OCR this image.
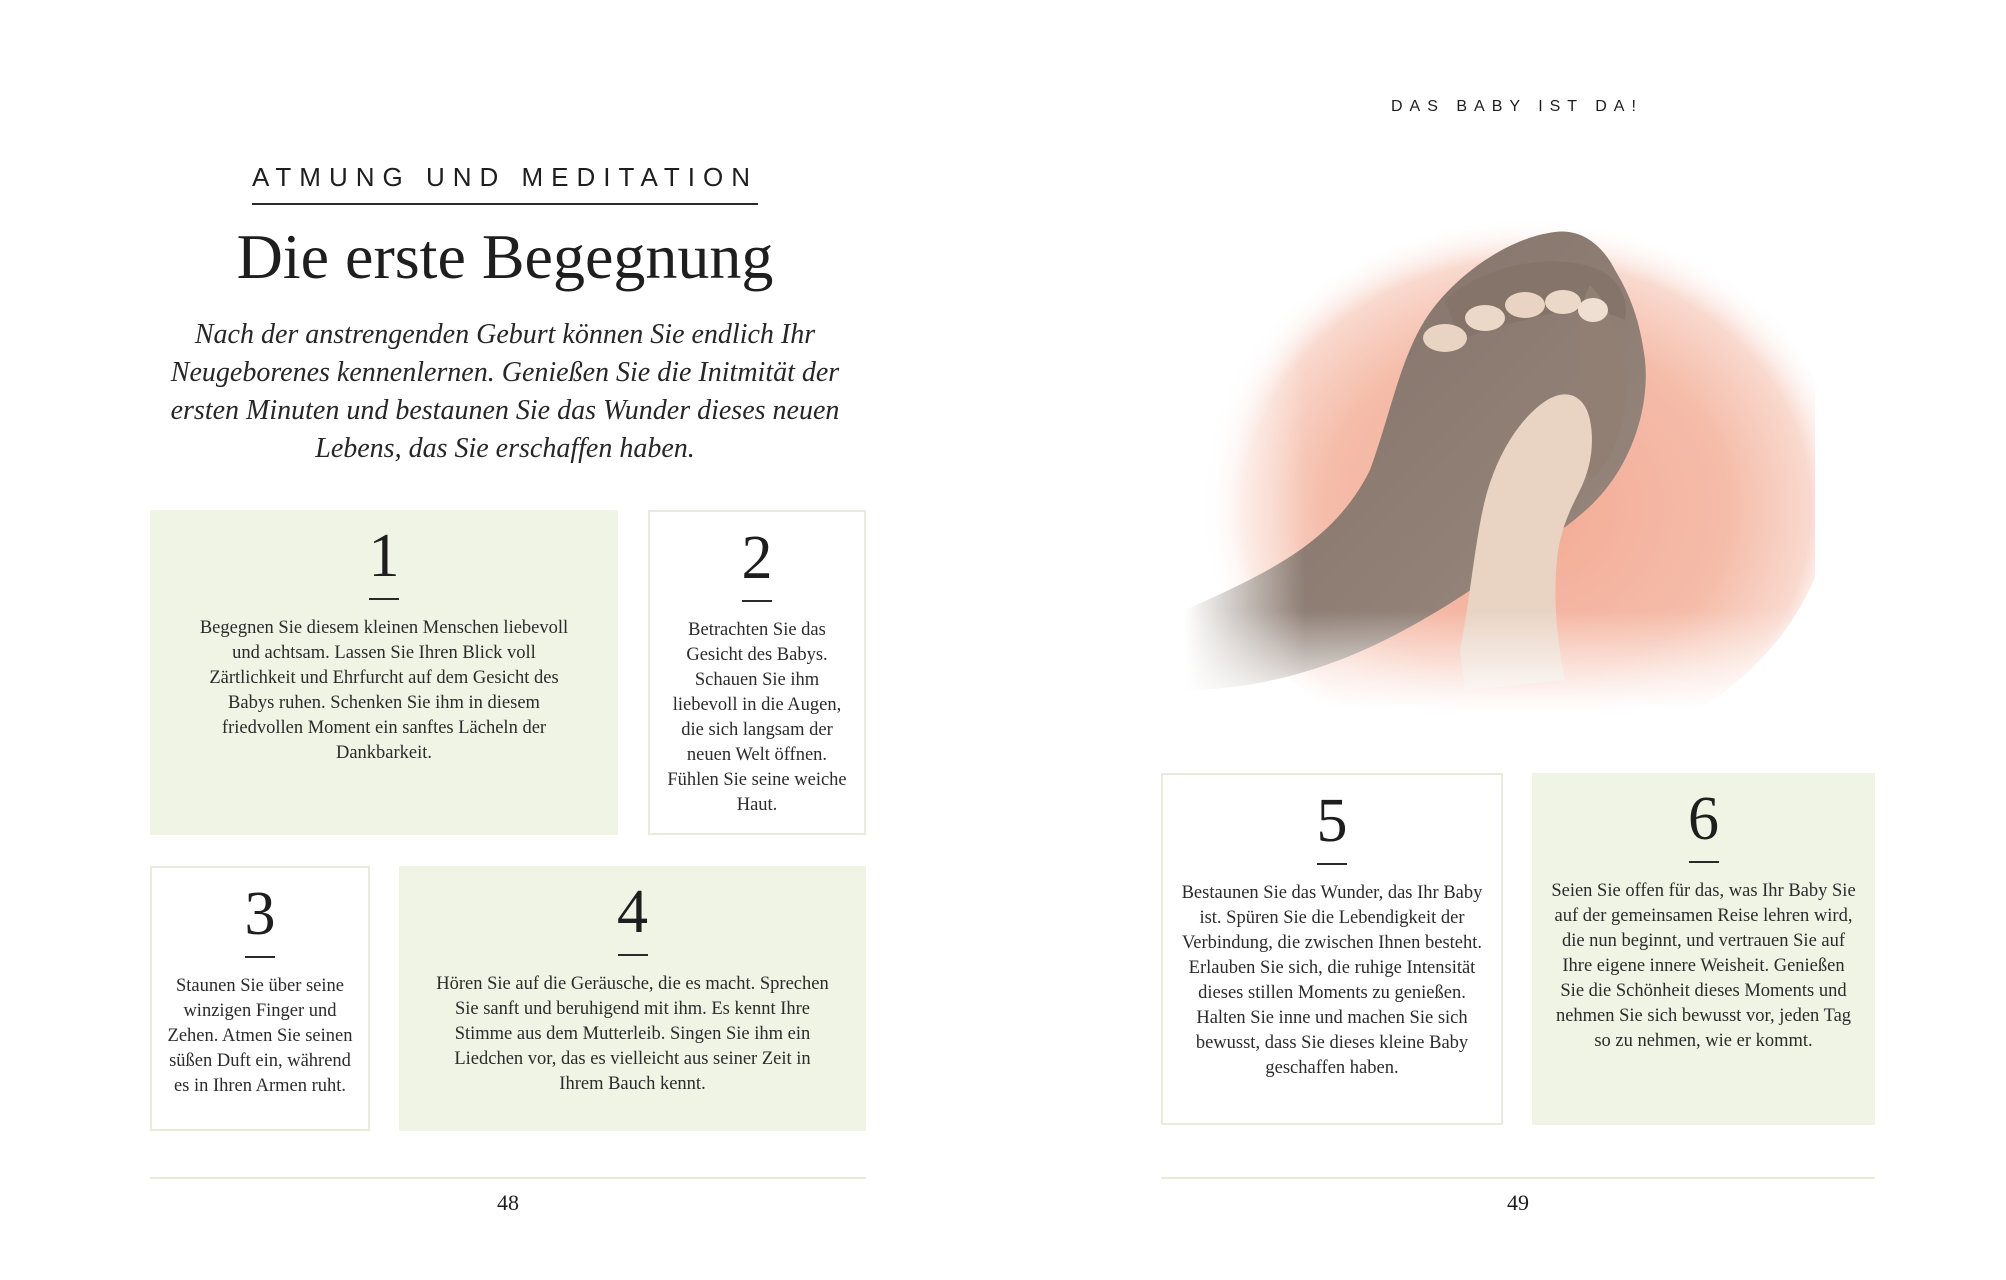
ATMUNG UND MEDITATION
Die erste Begegnung

Nach der anstrengenden Geburt können Sie endlich Ihr Neugeborenes kennenlernen. Genießen Sie die Initmität der ersten Minuten und bestaunen Sie das Wunder dieses neuen Lebens, das Sie erschaffen haben.

1
Begegnen Sie diesem kleinen Menschen liebevoll und achtsam. Lassen Sie Ihren Blick voll Zärtlichkeit und Ehrfurcht auf dem Gesicht des Babys ruhen. Schenken Sie ihm in diesem friedvollen Moment ein sanftes Lächeln der Dankbarkeit.
2
Betrachten Sie das Gesicht des Babys. Schauen Sie ihm liebevoll in die Augen, die sich langsam der neuen Welt öffnen. Fühlen Sie seine weiche Haut.
3
Staunen Sie über seine winzigen Finger und Zehen. Atmen Sie seinen süßen Duft ein, während es in Ihren Armen ruht.
4
Hören Sie auf die Geräusche, die es macht. Sprechen Sie sanft und beruhigend mit ihm. Es kennt Ihre Stimme aus dem Mutterleib. Singen Sie ihm ein Liedchen vor, das es vielleicht aus seiner Zeit in Ihrem Bauch kennt.
48
DAS BABY IST DA!
5
Bestaunen Sie das Wunder, das Ihr Baby ist. Spüren Sie die Lebendigkeit der Verbindung, die zwischen Ihnen besteht. Erlauben Sie sich, die ruhige Intensität dieses stillen Moments zu genießen. Halten Sie inne und machen Sie sich bewusst, dass Sie dieses kleine Baby geschaffen haben.
6
Seien Sie offen für das, was Ihr Baby Sie auf der gemeinsamen Reise lehren wird, die nun beginnt, und vertrauen Sie auf Ihre eigene innere Weisheit. Genießen Sie die Schönheit dieses Moments und nehmen Sie sich bewusst vor, jeden Tag so zu nehmen, wie er kommt.
49
